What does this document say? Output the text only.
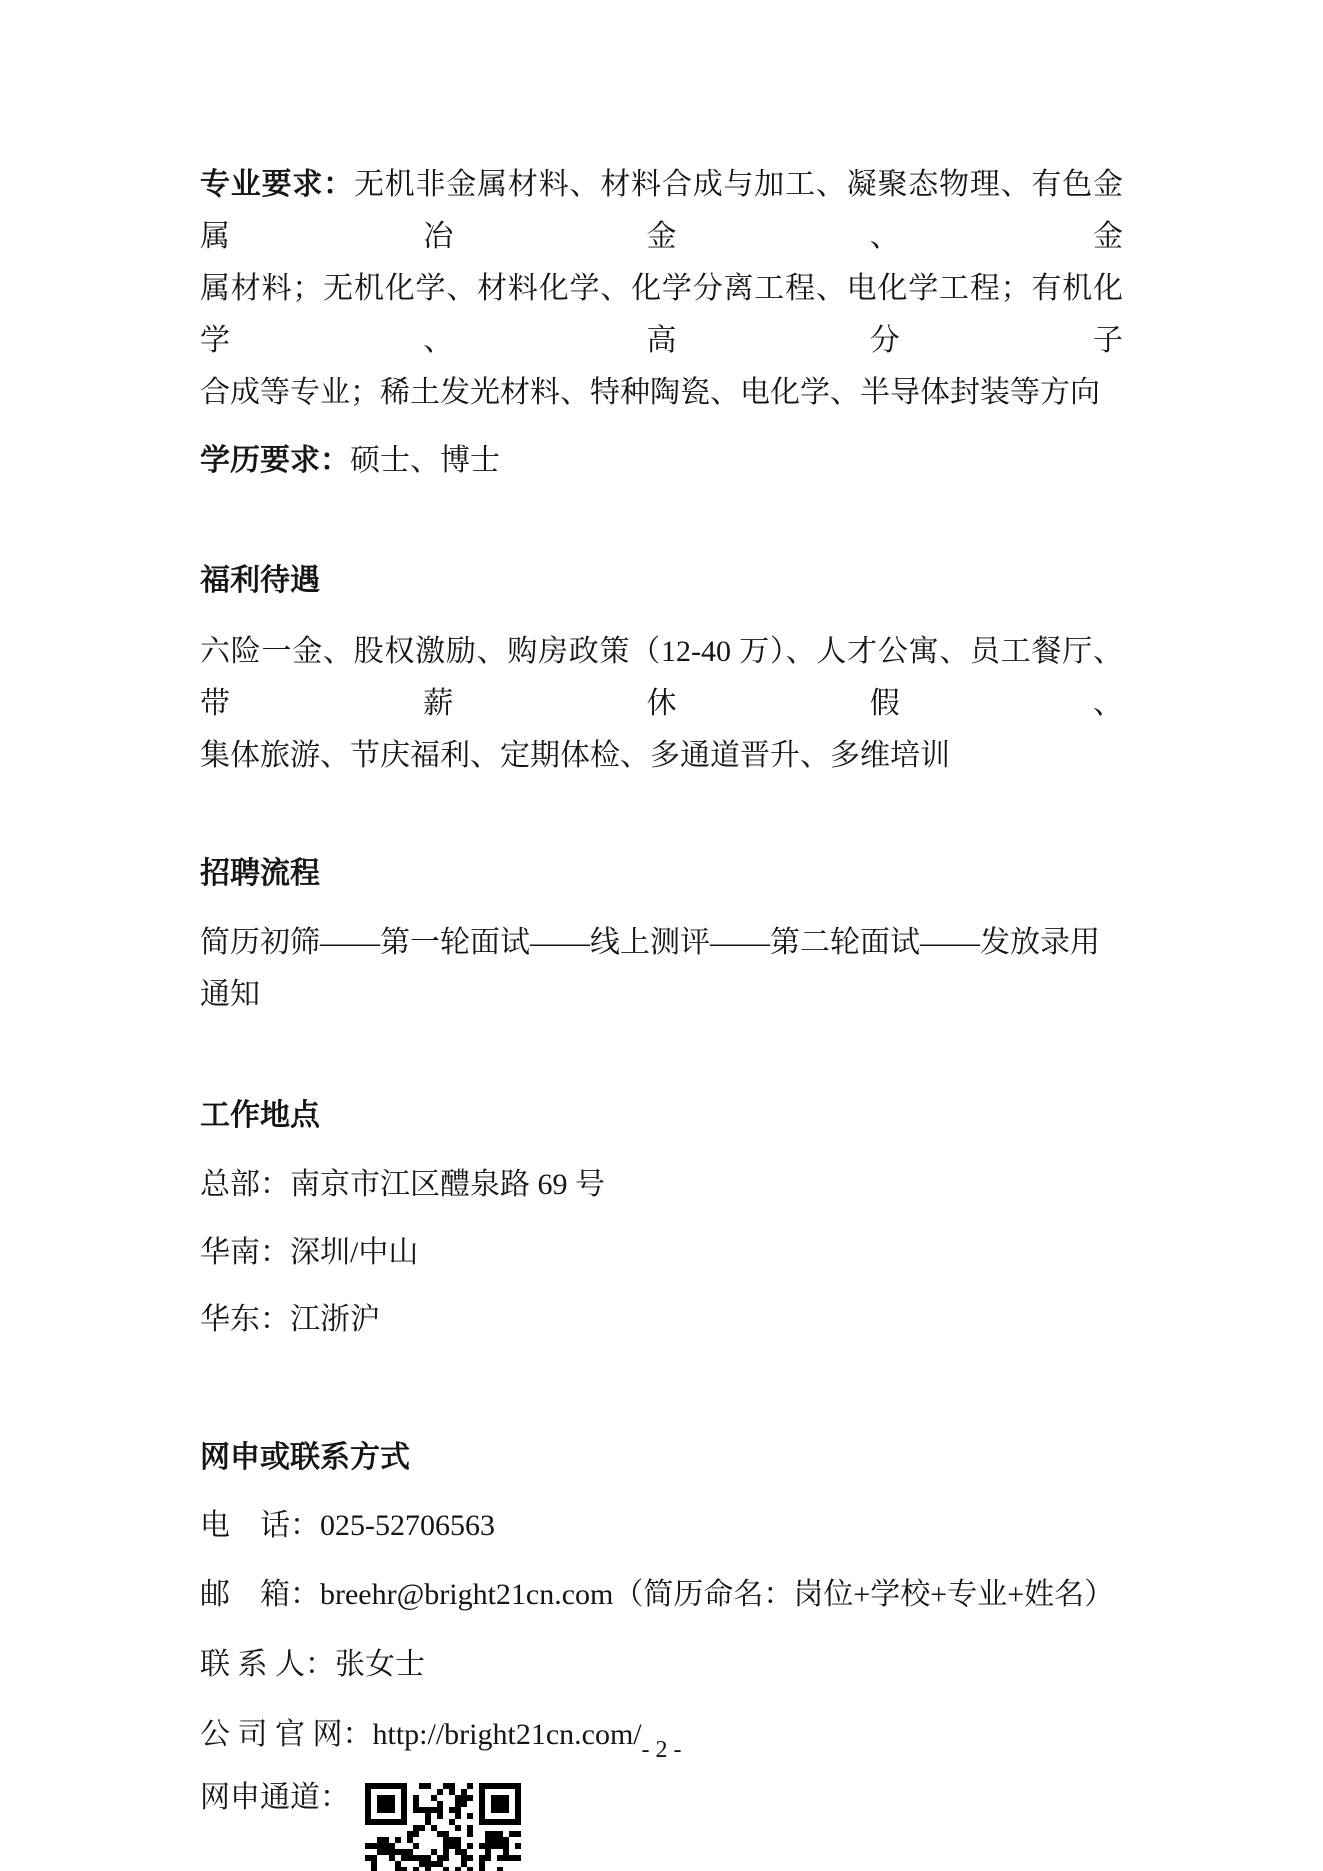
专业要求：无机非金属材料、材料合成与加工、凝聚态物理、有色金属冶金、金
属材料；无机化学、材料化学、化学分离工程、电化学工程；有机化学、高分子
合成等专业；稀土发光材料、特种陶瓷、电化学、半导体封装等方向
学历要求：硕士、博士
福利待遇
六险一金、股权激励、购房政策（12-40 万）、人才公寓、员工餐厅、带薪休假、
集体旅游、节庆福利、定期体检、多通道晋升、多维培训
招聘流程
简历初筛——第一轮面试——线上测评——第二轮面试——发放录用通知
工作地点
总部：南京市江区醴泉路 69 号
华南：深圳/中山
华东：江浙沪
网申或联系方式
电　话：025-52706563
邮　箱：breehr@bright21cn.com（简历命名：岗位+学校+专业+姓名）
联 系 人：张女士
公 司 官 网：http://bright21cn.com/
网申通道：
- 2 -
